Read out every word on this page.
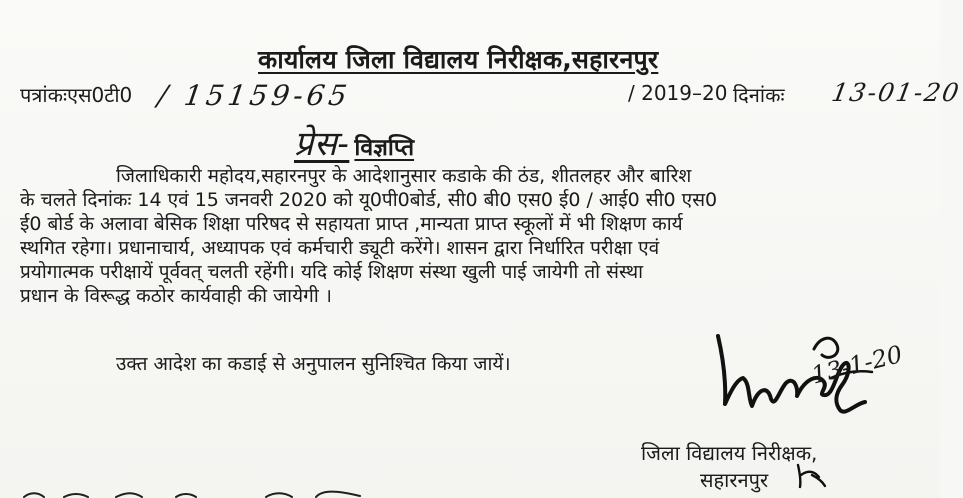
कार्यालय जिला विद्यालय निरीक्षक,सहारनपुर
पत्रांकःएस0टी0 / 15159-65	/ 2019–20 दिनांकः 13-01-20
प्रेस- विज्ञप्ति
जिलाधिकारी महोदय,सहारनपुर के आदेशानुसार कडाके की ठंड, शीतलहर और बारिश
के चलते दिनांकः 14 एवं 15 जनवरी 2020 को यू0पी0बोर्ड, सी0 बी0 एस0 ई0 / आई0 सी0 एस0
ई0 बोर्ड के अलावा बेसिक शिक्षा परिषद से सहायता प्राप्त ,मान्यता प्राप्त स्कूलों में भी शिक्षण कार्य
स्थगित रहेगा। प्रधानाचार्य, अध्यापक एवं कर्मचारी ड्यूटी करेंगे। शासन द्वारा निर्धारित परीक्षा एवं
प्रयोगात्मक परीक्षायें पूर्ववत् चलती रहेंगी। यदि कोई शिक्षण संस्था खुली पाई जायेगी तो संस्था
प्रधान के विरूद्ध कठोर कार्यवाही की जायेगी ।
उक्त आदेश का कडाई से अनुपालन सुनिश्चित किया जायें।	13-1-20
जिला विद्यालय निरीक्षक,
सहारनपुर
